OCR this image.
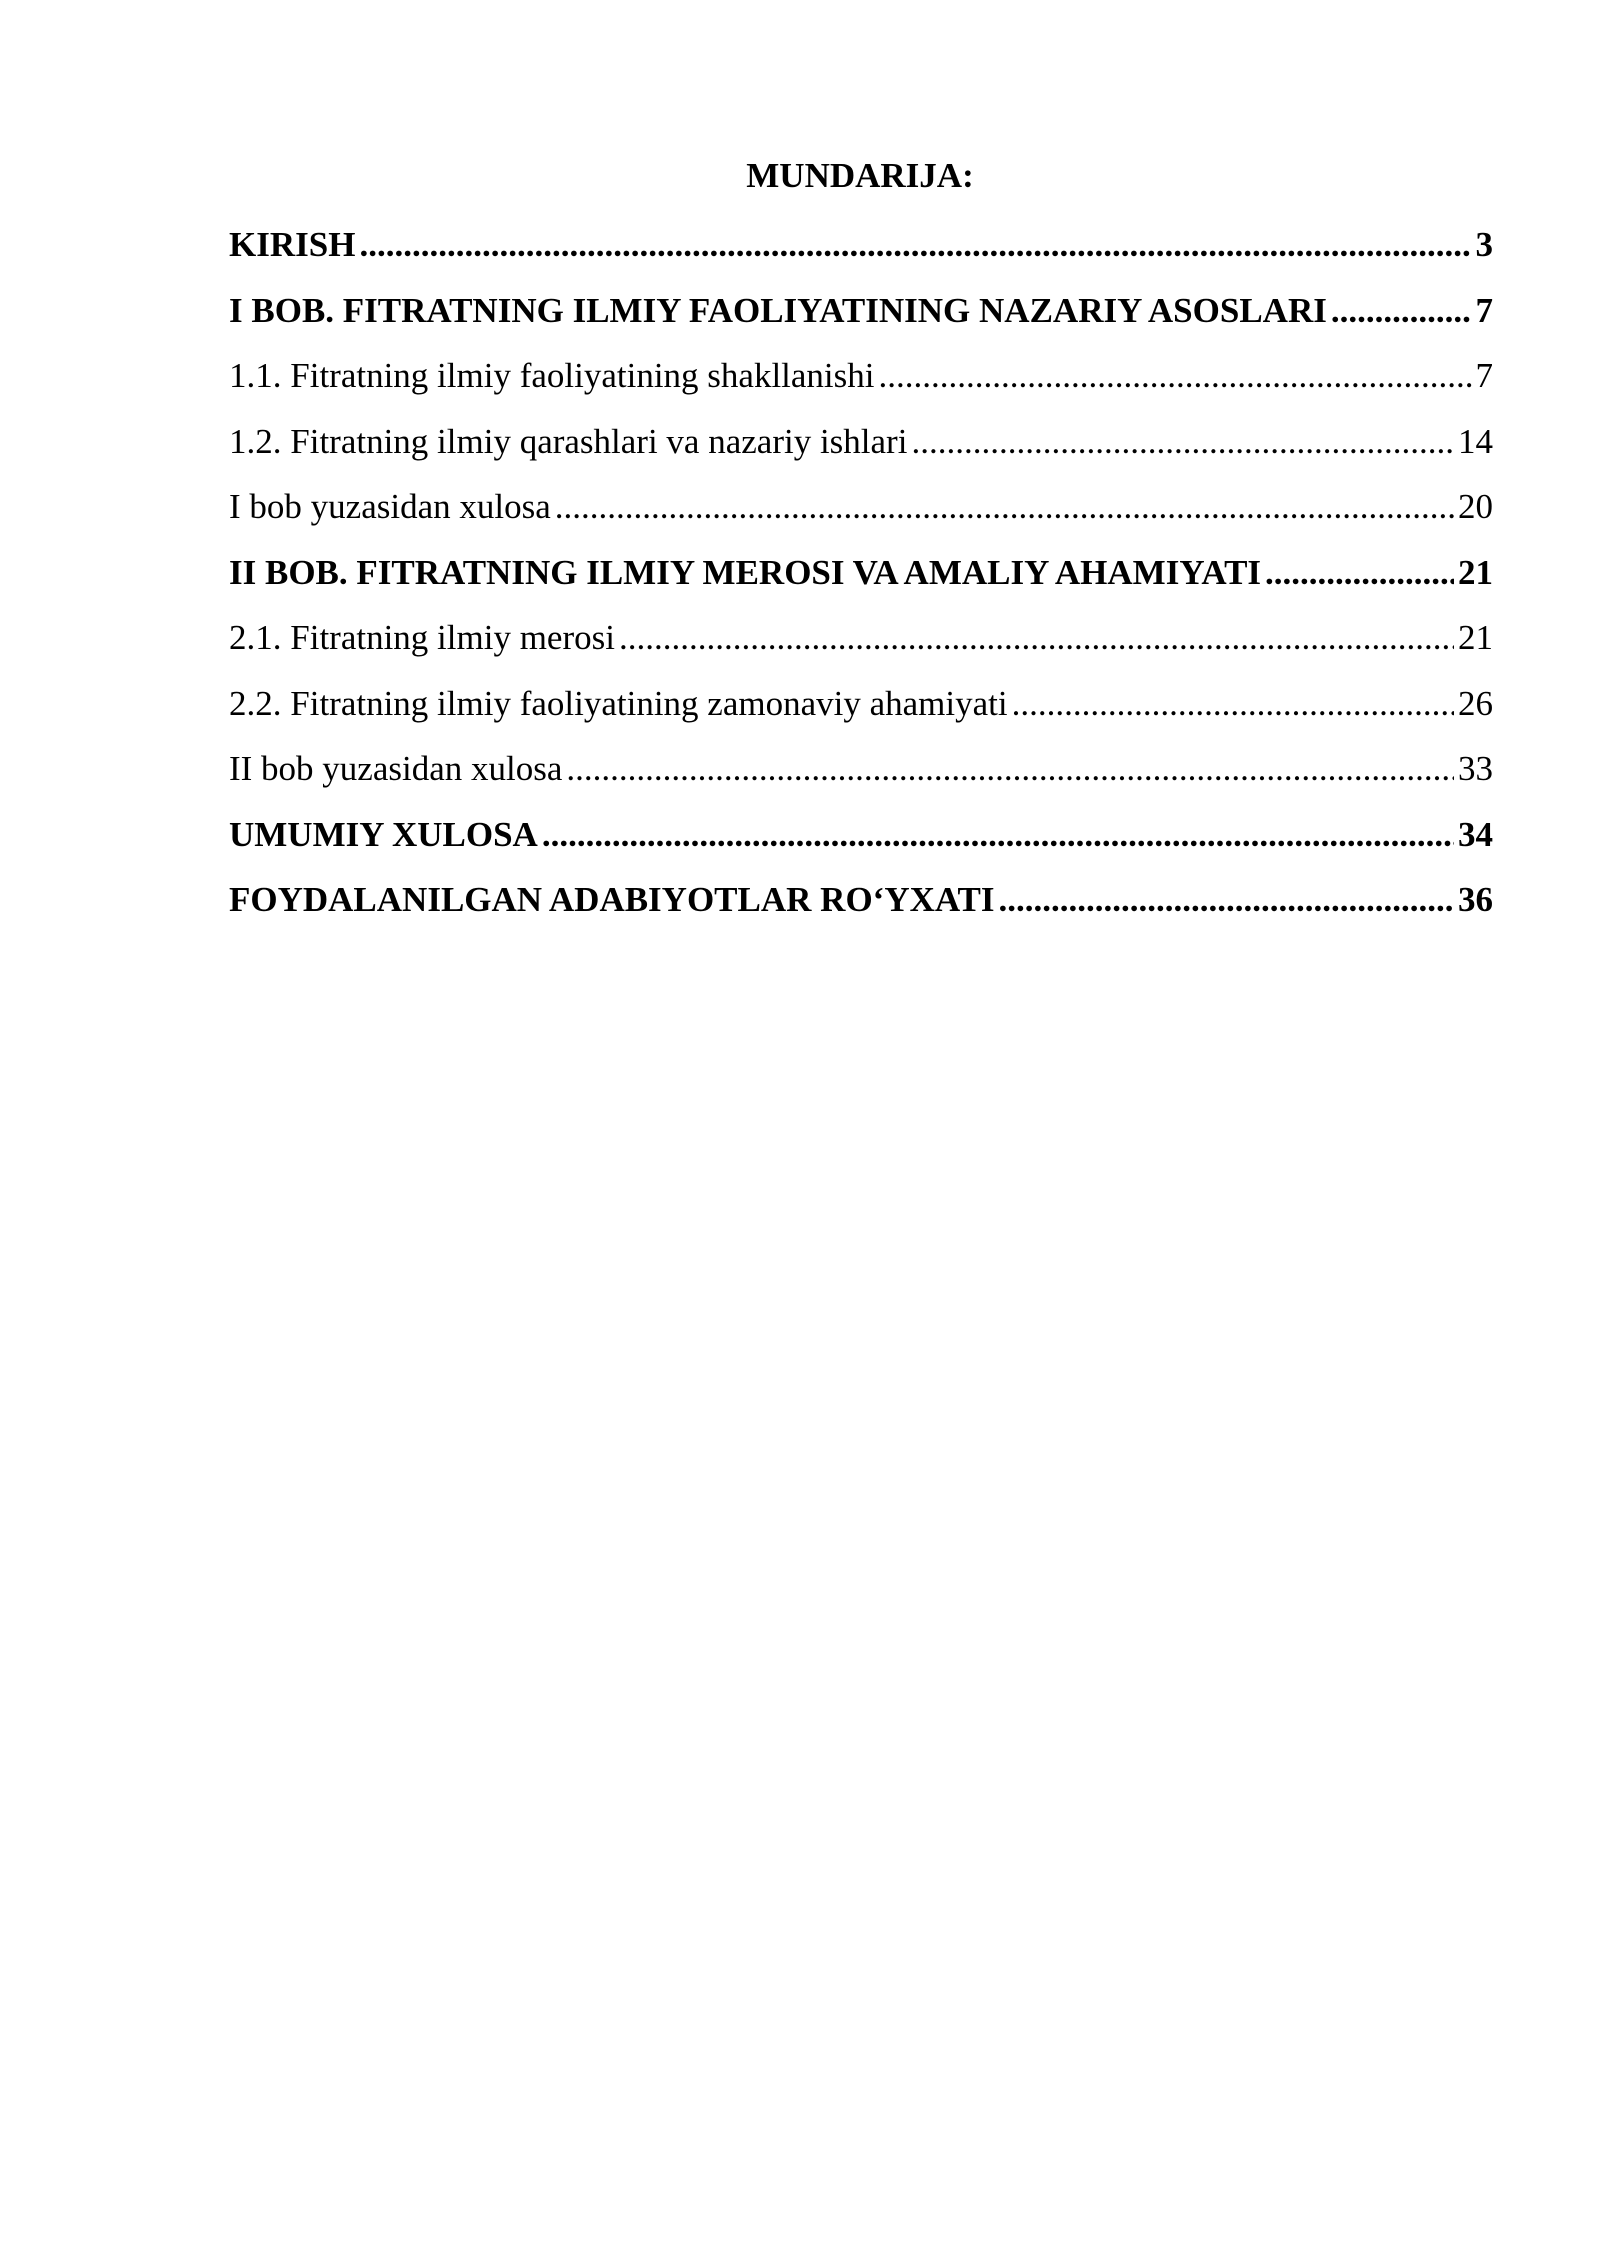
MUNDARIJA:
KIRISH .....	3
I BOB. FITRATNING ILMIY FAOLIYATINING NAZARIY ASOSLARI .....	7
1.1. Fitratning ilmiy faoliyatining shakllanishi .....	7
1.2. Fitratning ilmiy qarashlari va nazariy ishlari .....	14
I bob yuzasidan xulosa .....	20
II BOB. FITRATNING ILMIY MEROSI VA AMALIY AHAMIYATI .....	21
2.1. Fitratning ilmiy merosi .....	21
2.2. Fitratning ilmiy faoliyatining zamonaviy ahamiyati .....	26
II bob yuzasidan xulosa .....	33
UMUMIY XULOSA .....	34
FOYDALANILGAN ADABIYOTLAR RO‘YXATI .....	36
